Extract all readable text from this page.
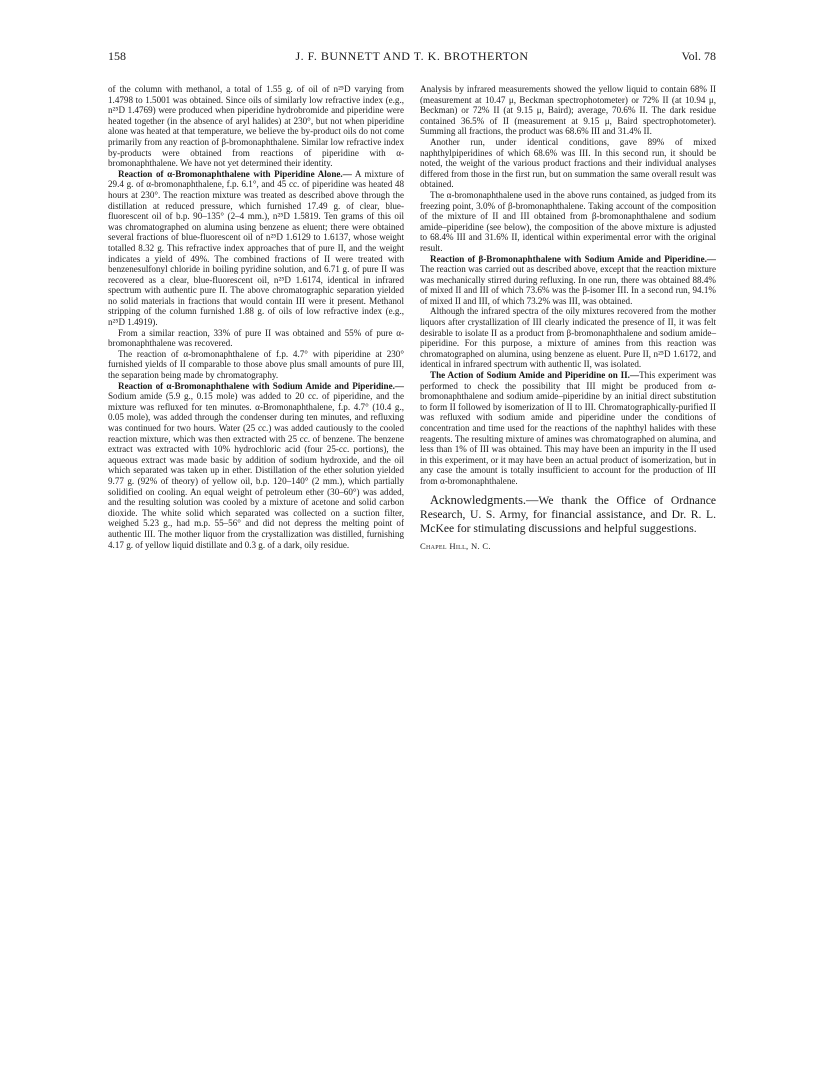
158	J. F. BUNNETT AND T. K. BROTHERTON	Vol. 78

of the column with methanol, a total of 1.55 g. of oil of n²⁵D varying from 1.4798 to 1.5001 was obtained. Since oils of similarly low refractive index (e.g., n²⁵D 1.4769) were produced when piperidine hydrobromide and piperidine were heated together (in the absence of aryl halides) at 230°, but not when piperidine alone was heated at that temperature, we believe the by-product oils do not come primarily from any reaction of β-bromonaphthalene. Similar low refractive index by-products were obtained from reactions of piperidine with α-bromonaphthalene. We have not yet determined their identity.

Reaction of α-Bromonaphthalene with Piperidine Alone.— A mixture of 29.4 g. of α-bromonaphthalene, f.p. 6.1°, and 45 cc. of piperidine was heated 48 hours at 230°. The reaction mixture was treated as described above through the distillation at reduced pressure, which furnished 17.49 g. of clear, blue-fluorescent oil of b.p. 90–135° (2–4 mm.), n²⁵D 1.5819. Ten grams of this oil was chromatographed on alumina using benzene as eluent; there were obtained several fractions of blue-fluorescent oil of n²⁵D 1.6129 to 1.6137, whose weight totalled 8.32 g. This refractive index approaches that of pure II, and the weight indicates a yield of 49%. The combined fractions of II were treated with benzenesulfonyl chloride in boiling pyridine solution, and 6.71 g. of pure II was recovered as a clear, blue-fluorescent oil, n²⁵D 1.6174, identical in infrared spectrum with authentic pure II. The above chromatographic separation yielded no solid materials in fractions that would contain III were it present. Methanol stripping of the column furnished 1.88 g. of oils of low refractive index (e.g., n²⁵D 1.4919).

From a similar reaction, 33% of pure II was obtained and 55% of pure α-bromonaphthalene was recovered.

The reaction of α-bromonaphthalene of f.p. 4.7° with piperidine at 230° furnished yields of II comparable to those above plus small amounts of pure III, the separation being made by chromatography.

Reaction of α-Bromonaphthalene with Sodium Amide and Piperidine.—Sodium amide (5.9 g., 0.15 mole) was added to 20 cc. of piperidine, and the mixture was refluxed for ten minutes. α-Bromonaphthalene, f.p. 4.7° (10.4 g., 0.05 mole), was added through the condenser during ten minutes, and refluxing was continued for two hours. Water (25 cc.) was added cautiously to the cooled reaction mixture, which was then extracted with 25 cc. of benzene. The benzene extract was extracted with 10% hydrochloric acid (four 25-cc. portions), the aqueous extract was made basic by addition of sodium hydroxide, and the oil which separated was taken up in ether. Distillation of the ether solution yielded 9.77 g. (92% of theory) of yellow oil, b.p. 120–140° (2 mm.), which partially solidified on cooling. An equal weight of petroleum ether (30–60°) was added, and the resulting solution was cooled by a mixture of acetone and solid carbon dioxide. The white solid which separated was collected on a suction filter, weighed 5.23 g., had m.p. 55–56° and did not depress the melting point of authentic III. The mother liquor from the crystallization was distilled, furnishing 4.17 g. of yellow liquid distillate and 0.3 g. of a dark, oily residue.

Analysis by infrared measurements showed the yellow liquid to contain 68% II (measurement at 10.47 μ, Beckman spectrophotometer) or 72% II (at 10.94 μ, Beckman) or 72% II (at 9.15 μ, Baird); average, 70.6% II. The dark residue contained 36.5% of II (measurement at 9.15 μ, Baird spectrophotometer). Summing all fractions, the product was 68.6% III and 31.4% II.

Another run, under identical conditions, gave 89% of mixed naphthylpiperidines of which 68.6% was III. In this second run, it should be noted, the weight of the various product fractions and their individual analyses differed from those in the first run, but on summation the same overall result was obtained.

The α-bromonaphthalene used in the above runs contained, as judged from its freezing point, 3.0% of β-bromonaphthalene. Taking account of the composition of the mixture of II and III obtained from β-bromonaphthalene and sodium amide–piperidine (see below), the composition of the above mixture is adjusted to 68.4% III and 31.6% II, identical within experimental error with the original result.

Reaction of β-Bromonaphthalene with Sodium Amide and Piperidine.—The reaction was carried out as described above, except that the reaction mixture was mechanically stirred during refluxing. In one run, there was obtained 88.4% of mixed II and III of which 73.6% was the β-isomer III. In a second run, 94.1% of mixed II and III, of which 73.2% was III, was obtained.

Although the infrared spectra of the oily mixtures recovered from the mother liquors after crystallization of III clearly indicated the presence of II, it was felt desirable to isolate II as a product from β-bromonaphthalene and sodium amide–piperidine. For this purpose, a mixture of amines from this reaction was chromatographed on alumina, using benzene as eluent. Pure II, n²⁵D 1.6172, and identical in infrared spectrum with authentic II, was isolated.

The Action of Sodium Amide and Piperidine on II.—This experiment was performed to check the possibility that III might be produced from α-bromonaphthalene and sodium amide–piperidine by an initial direct substitution to form II followed by isomerization of II to III. Chromatographically-purified II was refluxed with sodium amide and piperidine under the conditions of concentration and time used for the reactions of the naphthyl halides with these reagents. The resulting mixture of amines was chromatographed on alumina, and less than 1% of III was obtained. This may have been an impurity in the II used in this experiment, or it may have been an actual product of isomerization, but in any case the amount is totally insufficient to account for the production of III from α-bromonaphthalene.

Acknowledgments.—We thank the Office of Ordnance Research, U. S. Army, for financial assistance, and Dr. R. L. McKee for stimulating discussions and helpful suggestions.

Chapel Hill, N. C.
